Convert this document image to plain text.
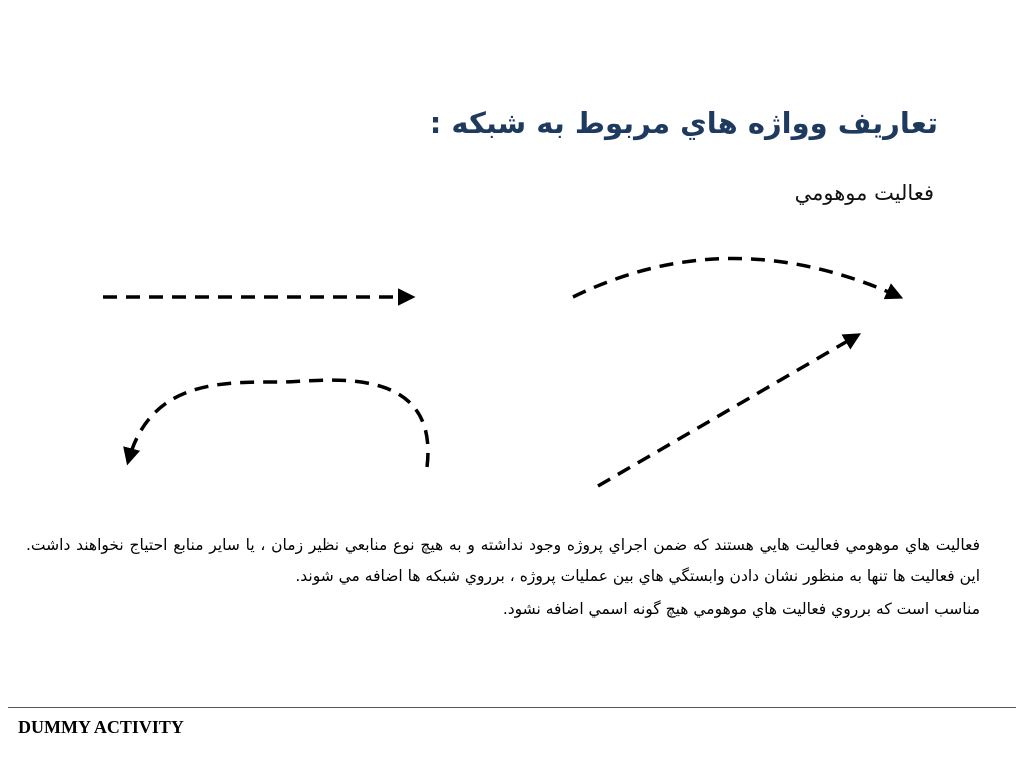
تعاريف وواژه هاي مربوط به شبكه :
فعاليت موهومي

فعاليت هاي موهومي فعاليت هايي هستند كه ضمن اجراي پروژه وجود نداشته و به هيچ نوع منابعي نظير زمان ، يا ساير منابع احتياج نخواهند داشت. اين فعاليت ها تنها به منظور نشان دادن وابستگي هاي بين عمليات پروژه ، برروي شبكه ها اضافه مي شوند.

مناسب است كه برروي فعاليت هاي موهومي هيچ گونه اسمي اضافه نشود.

DUMMY ACTIVITY
